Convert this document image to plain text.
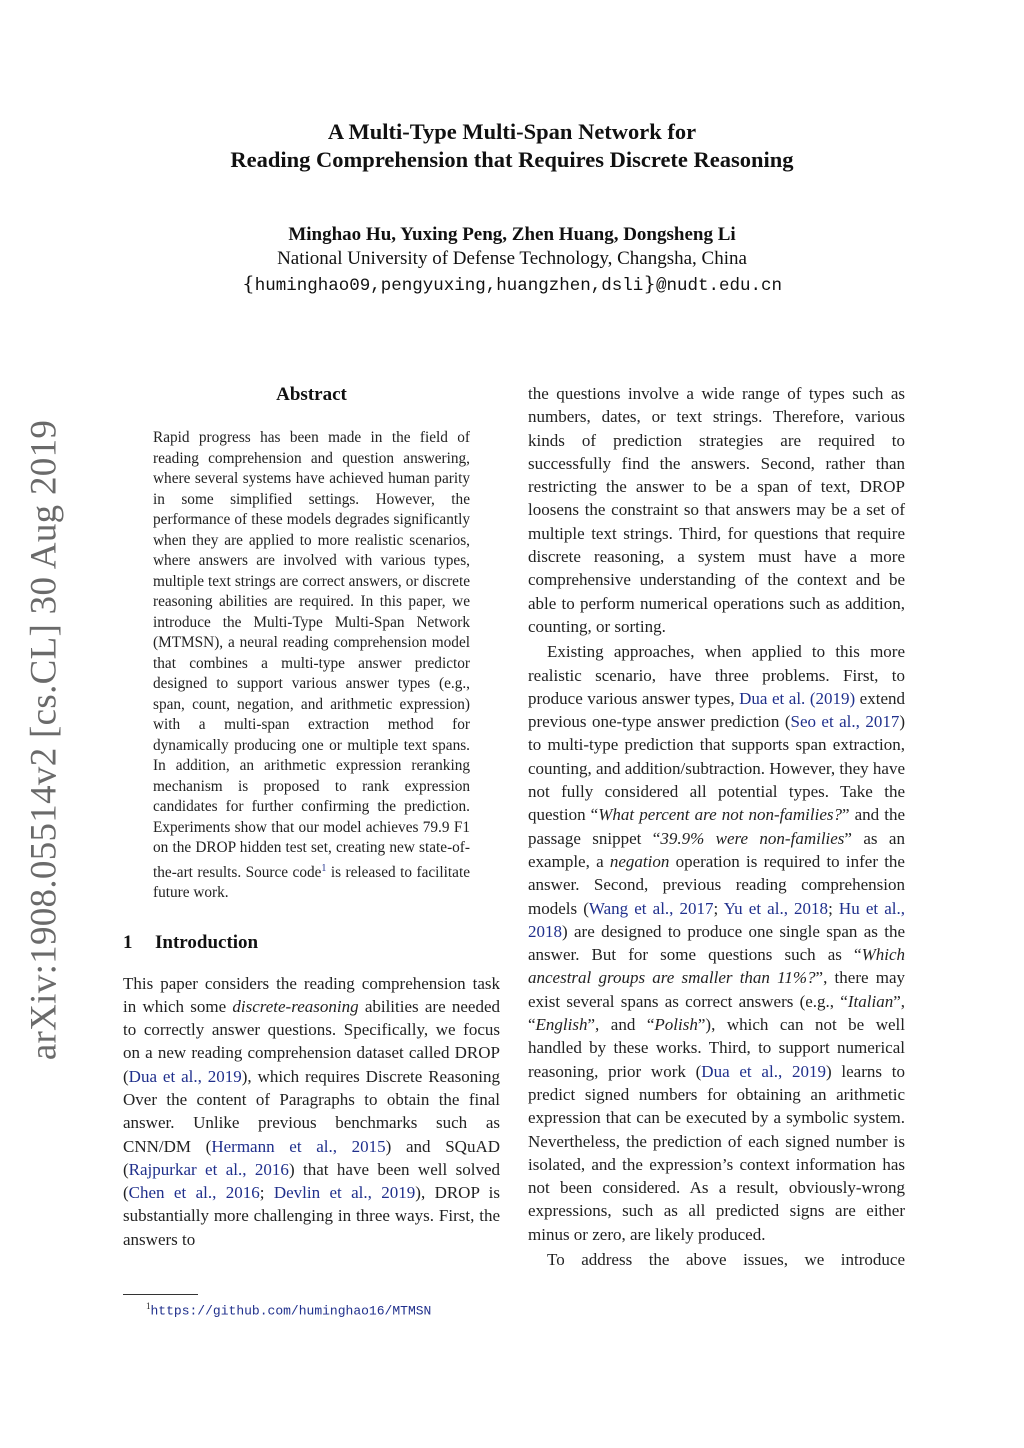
arXiv:1908.05514v2 [cs.CL] 30 Aug 2019
A Multi-Type Multi-Span Network for
Reading Comprehension that Requires Discrete Reasoning
Minghao Hu, Yuxing Peng, Zhen Huang, Dongsheng Li
National University of Defense Technology, Changsha, China
{huminghao09,pengyuxing,huangzhen,dsli}@nudt.edu.cn
Abstract
Rapid progress has been made in the field of reading comprehension and question answering, where several systems have achieved human parity in some simplified settings. However, the performance of these models degrades significantly when they are applied to more realistic scenarios, where answers are involved with various types, multiple text strings are correct answers, or discrete reasoning abilities are required. In this paper, we introduce the Multi-Type Multi-Span Network (MTMSN), a neural reading comprehension model that combines a multi-type answer predictor designed to support various answer types (e.g., span, count, negation, and arithmetic expression) with a multi-span extraction method for dynamically producing one or multiple text spans. In addition, an arithmetic expression reranking mechanism is proposed to rank expression candidates for further confirming the prediction. Experiments show that our model achieves 79.9 F1 on the DROP hidden test set, creating new state-of-the-art results. Source code$^1$ is released to facilitate future work.
1 Introduction

This paper considers the reading comprehension task in which some discrete-reasoning abilities are needed to correctly answer questions. Specifically, we focus on a new reading comprehension dataset called DROP (Dua et al., 2019), which requires Discrete Reasoning Over the content of Paragraphs to obtain the final answer. Unlike previous benchmarks such as CNN/DM (Hermann et al., 2015) and SQuAD (Rajpurkar et al., 2016) that have been well solved (Chen et al., 2016; Devlin et al., 2019), DROP is substantially more challenging in three ways. First, the answers to

the questions involve a wide range of types such as numbers, dates, or text strings. Therefore, various kinds of prediction strategies are required to successfully find the answers. Second, rather than restricting the answer to be a span of text, DROP loosens the constraint so that answers may be a set of multiple text strings. Third, for questions that require discrete reasoning, a system must have a more comprehensive understanding of the context and be able to perform numerical operations such as addition, counting, or sorting.

Existing approaches, when applied to this more realistic scenario, have three problems. First, to produce various answer types, Dua et al. (2019) extend previous one-type answer prediction (Seo et al., 2017) to multi-type prediction that supports span extraction, counting, and addition/subtraction. However, they have not fully considered all potential types. Take the question “What percent are not non-families?” and the passage snippet “39.9% were non-families” as an example, a negation operation is required to infer the answer. Second, previous reading comprehension models (Wang et al., 2017; Yu et al., 2018; Hu et al., 2018) are designed to produce one single span as the answer. But for some questions such as “Which ancestral groups are smaller than 11%?”, there may exist several spans as correct answers (e.g., “Italian”, “English”, and “Polish”), which can not be well handled by these works. Third, to support numerical reasoning, prior work (Dua et al., 2019) learns to predict signed numbers for obtaining an arithmetic expression that can be executed by a symbolic system. Nevertheless, the prediction of each signed number is isolated, and the expression’s context information has not been considered. As a result, obviously-wrong expressions, such as all predicted signs are either minus or zero, are likely produced.

To address the above issues, we introduce

$^1$https://github.com/huminghao16/MTMSN
